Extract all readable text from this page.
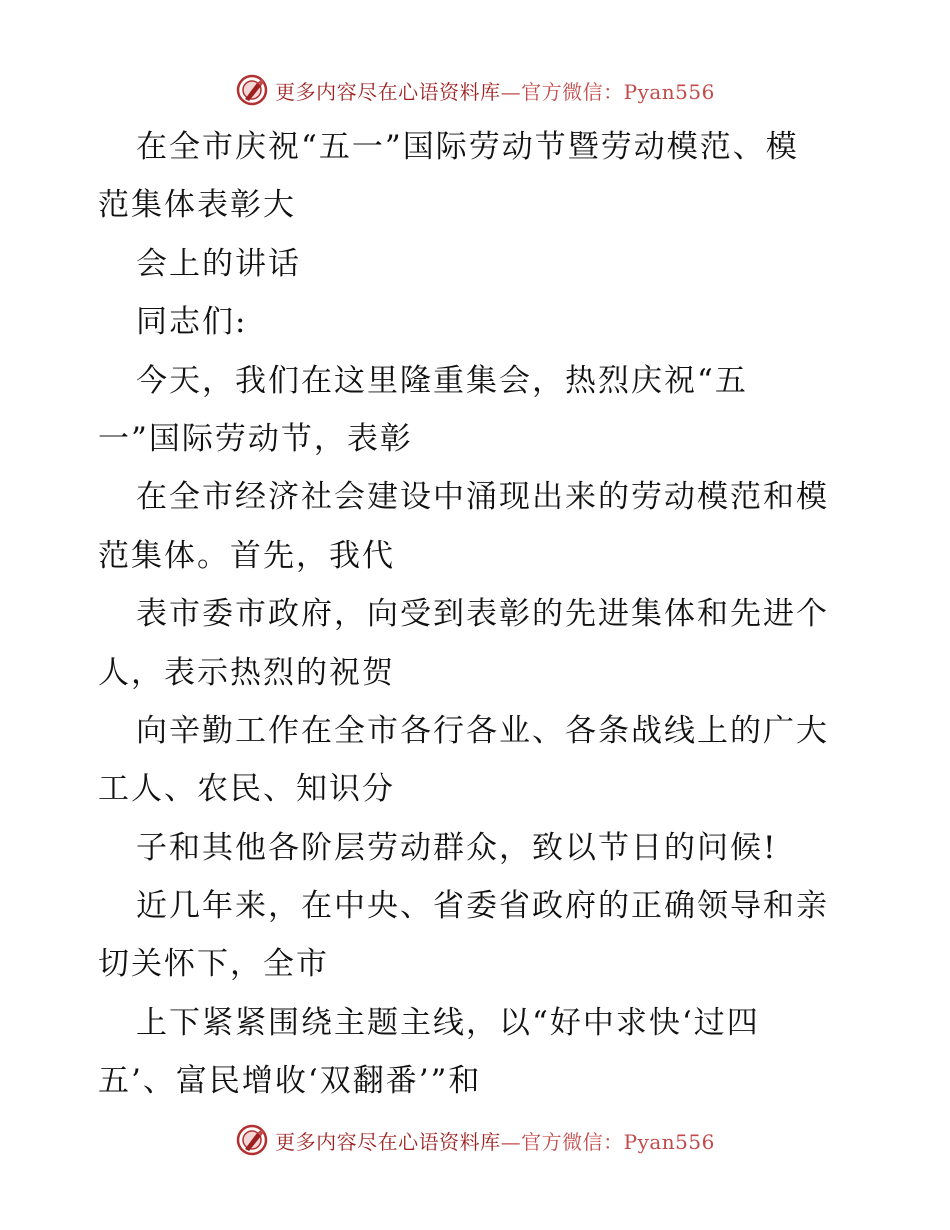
更多内容尽在心语资料库—官方微信：Pyan556
在全市庆祝“五一”国际劳动节暨劳动模范、模
范集体表彰大
会上的讲话
同志们:
今天，我们在这里隆重集会，热烈庆祝“五
一”国际劳动节，表彰
在全市经济社会建设中涌现出来的劳动模范和模
范集体。首先，我代
表市委市政府，向受到表彰的先进集体和先进个
人，表示热烈的祝贺
向辛勤工作在全市各行各业、各条战线上的广大
工人、农民、知识分
子和其他各阶层劳动群众，致以节日的问候!
近几年来，在中央、省委省政府的正确领导和亲
切关怀下，全市
上下紧紧围绕主题主线，以“好中求快‘过四
五’、富民增收‘双翻番’”和
更多内容尽在心语资料库—官方微信：Pyan556
